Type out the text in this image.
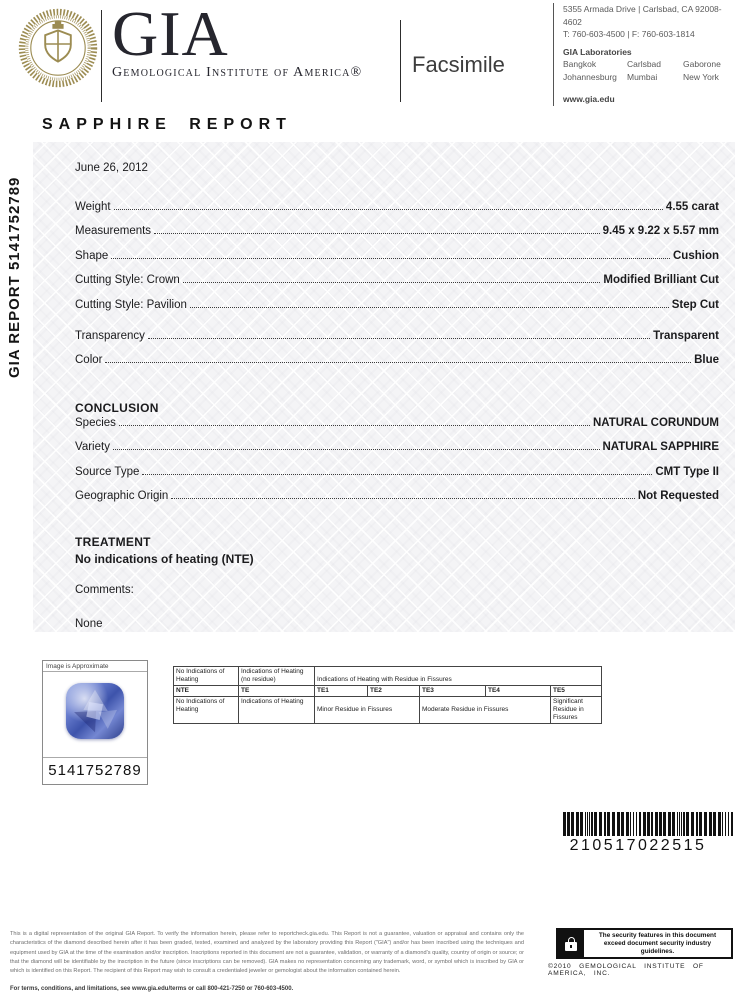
GIA
Gemological Institute of America® Facsimile
5355 Armada Drive | Carlsbad, CA 92008-4602
T: 760-603-4500 | F: 760-603-1814
GIA Laboratories
Bangkok	Carlsbad	Gaborone
Johannesburg	Mumbai	New York
www.gia.edu
SAPPHIRE REPORT
GIA REPORT 5141752789
June 26, 2012
Weight	4.55 carat
Measurements	9.45 x 9.22 x 5.57 mm
Shape	Cushion
Cutting Style: Crown	Modified Brilliant Cut
Cutting Style: Pavilion	Step Cut
Transparency	Transparent
Color	Blue
CONCLUSION
Species	NATURAL CORUNDUM
Variety	NATURAL SAPPHIRE
Source Type	CMT Type II
Geographic Origin	Not Requested
TREATMENT
No indications of heating (NTE)
Comments:
None
Image is Approximate
5141752789
No Indications of Heating	Indications of Heating (no residue)	Indications of Heating with Residue in Fissures				
NTE	TE	TE1	TE2	TE3	TE4	TE5
No Indications of Heating	Indications of Heating	Minor Residue in Fissures		Moderate Residue in Fissures		Significant Residue in Fissures
210517022515
This is a digital representation of the original GIA Report. To verify the information herein, please refer to reportcheck.gia.edu. This Report is not a guarantee, valuation or appraisal and contains only the characteristics of the diamond described herein after it has been graded, tested, examined and analyzed by the laboratory providing this Report ("GIA") and/or has been inscribed using the techniques and equipment used by GIA at the time of the examination and/or inscription. Inscriptions reported in this document are not a guarantee, validation, or warranty of a diamond's quality, country of origin or source; or that the diamond will be identifiable by the inscription in the future (since inscriptions can be removed). GIA makes no representation concerning any trademark, word, or symbol which is inscribed by GIA or which is identified on this Report. The recipient of this Report may wish to consult a credentialed jeweler or gemologist about the information contained herein.
For terms, conditions, and limitations, see www.gia.edu/terms or call 800-421-7250 or 760-603-4500.
The security features in this document exceed document security industry guidelines.
©2010 GEMOLOGICAL INSTITUTE OF AMERICA, INC.
